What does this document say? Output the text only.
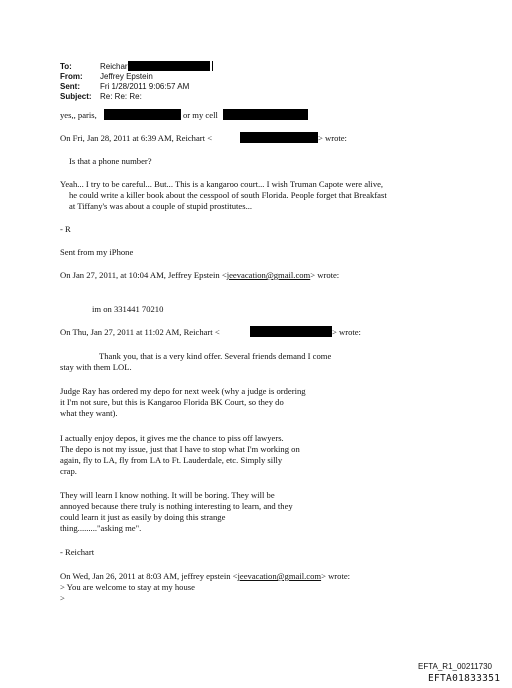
To:	Reichar
From: Jeffrey Epstein
Sent:	Fri 1/28/2011 9:06:57 AM
Subject: Re: Re: Re:
yes,, paris,	or my cell
On Fri, Jan 28, 2011 at 6:39 AM, Reichart <	> wrote:
Is that a phone number?
Yeah... I try to be careful... But... This is a kangaroo court... I wish Truman Capote were alive,
he could write a killer book about the cesspool of south Florida. People forget that Breakfast
at Tiffany's was about a couple of stupid prostitutes...
- R
Sent from my iPhone
On Jan 27, 2011, at 10:04 AM, Jeffrey Epstein <jeevacation@gmail.com> wrote:
im on 331441 70210
On Thu, Jan 27, 2011 at 11:02 AM, Reichart <	> wrote:
Thank you, that is a very kind offer. Several friends demand I come
stay with them LOL.
Judge Ray has ordered my depo for next week (why a judge is ordering
it I'm not sure, but this is Kangaroo Florida BK Court, so they do
what they want).
I actually enjoy depos, it gives me the chance to piss off lawyers.
The depo is not my issue, just that I have to stop what I'm working on
again, fly to LA, fly from LA to Ft. Lauderdale, etc. Simply silly
crap.
They will learn I know nothing. It will be boring. They will be
annoyed because there truly is nothing interesting to learn, and they
could learn it just as easily by doing this strange
thing........."asking me".
- Reichart
On Wed, Jan 26, 2011 at 8:03 AM, jeffrey epstein <jeevacation@gmail.com> wrote:
> You are welcome to stay at my house
>
EFTA_R1_00211730
EFTA01833351
